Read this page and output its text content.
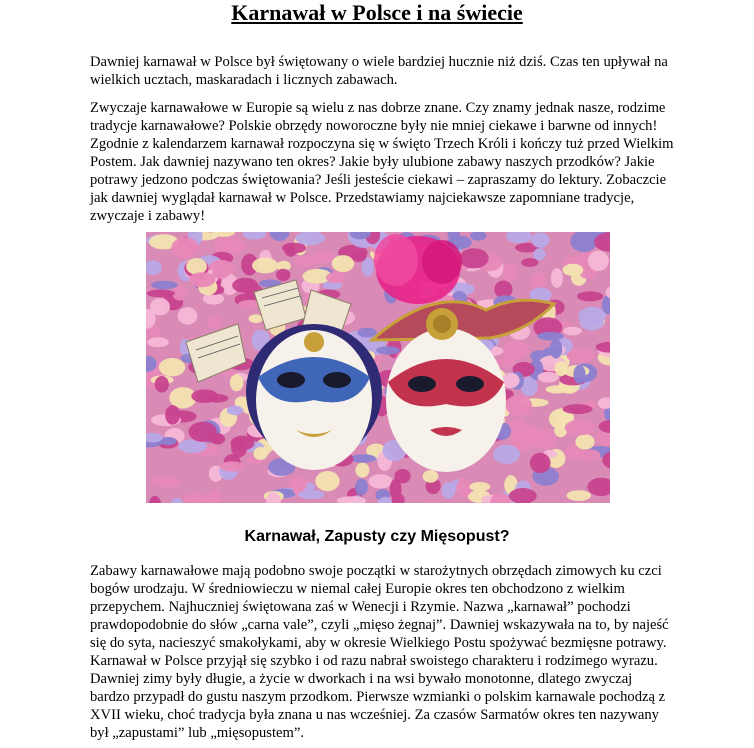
Karnawał w Polsce i na świecie

Dawniej karnawał w Polsce był świętowany o wiele bardziej hucznie niż dziś. Czas ten upływał na wielkich ucztach, maskaradach i licznych zabawach.

Zwyczaje karnawałowe w Europie są wielu z nas dobrze znane. Czy znamy jednak nasze, rodzime tradycje karnawałowe? Polskie obrzędy noworoczne były nie mniej ciekawe i barwne od innych! Zgodnie z kalendarzem karnawał rozpoczyna się w święto Trzech Króli i kończy tuż przed Wielkim Postem. Jak dawniej nazywano ten okres? Jakie były ulubione zabawy naszych przodków? Jakie potrawy jedzono podczas świętowania? Jeśli jesteście ciekawi – zapraszamy do lektury. Zobaczcie jak dawniej wyglądał karnawał w Polsce. Przedstawiamy najciekawsze zapomniane tradycje, zwyczaje i zabawy!

Karnawał, Zapusty czy Mięsopust?

Zabawy karnawałowe mają podobno swoje początki w starożytnych obrzędach zimowych ku czci bogów urodzaju. W średniowieczu w niemal całej Europie okres ten obchodzono z wielkim przepychem. Najhuczniej świętowana zaś w Wenecji i Rzymie. Nazwa „karnawał” pochodzi prawdopodobnie do słów „carna vale”, czyli „mięso żegnaj”. Dawniej wskazywała na to, by najeść się do syta, nacieszyć smakołykami, aby w okresie Wielkiego Postu spożywać bezmięsne potrawy. Karnawał w Polsce przyjął się szybko i od razu nabrał swoistego charakteru i rodzimego wyrazu. Dawniej zimy były długie, a życie w dworkach i na wsi bywało monotonne, dlatego zwyczaj bardzo przypadł do gustu naszym przodkom. Pierwsze wzmianki o polskim karnawale pochodzą z XVII wieku, choć tradycja była znana u nas wcześniej. Za czasów Sarmatów okres ten nazywany był „zapustami” lub „mięsopustem”.
